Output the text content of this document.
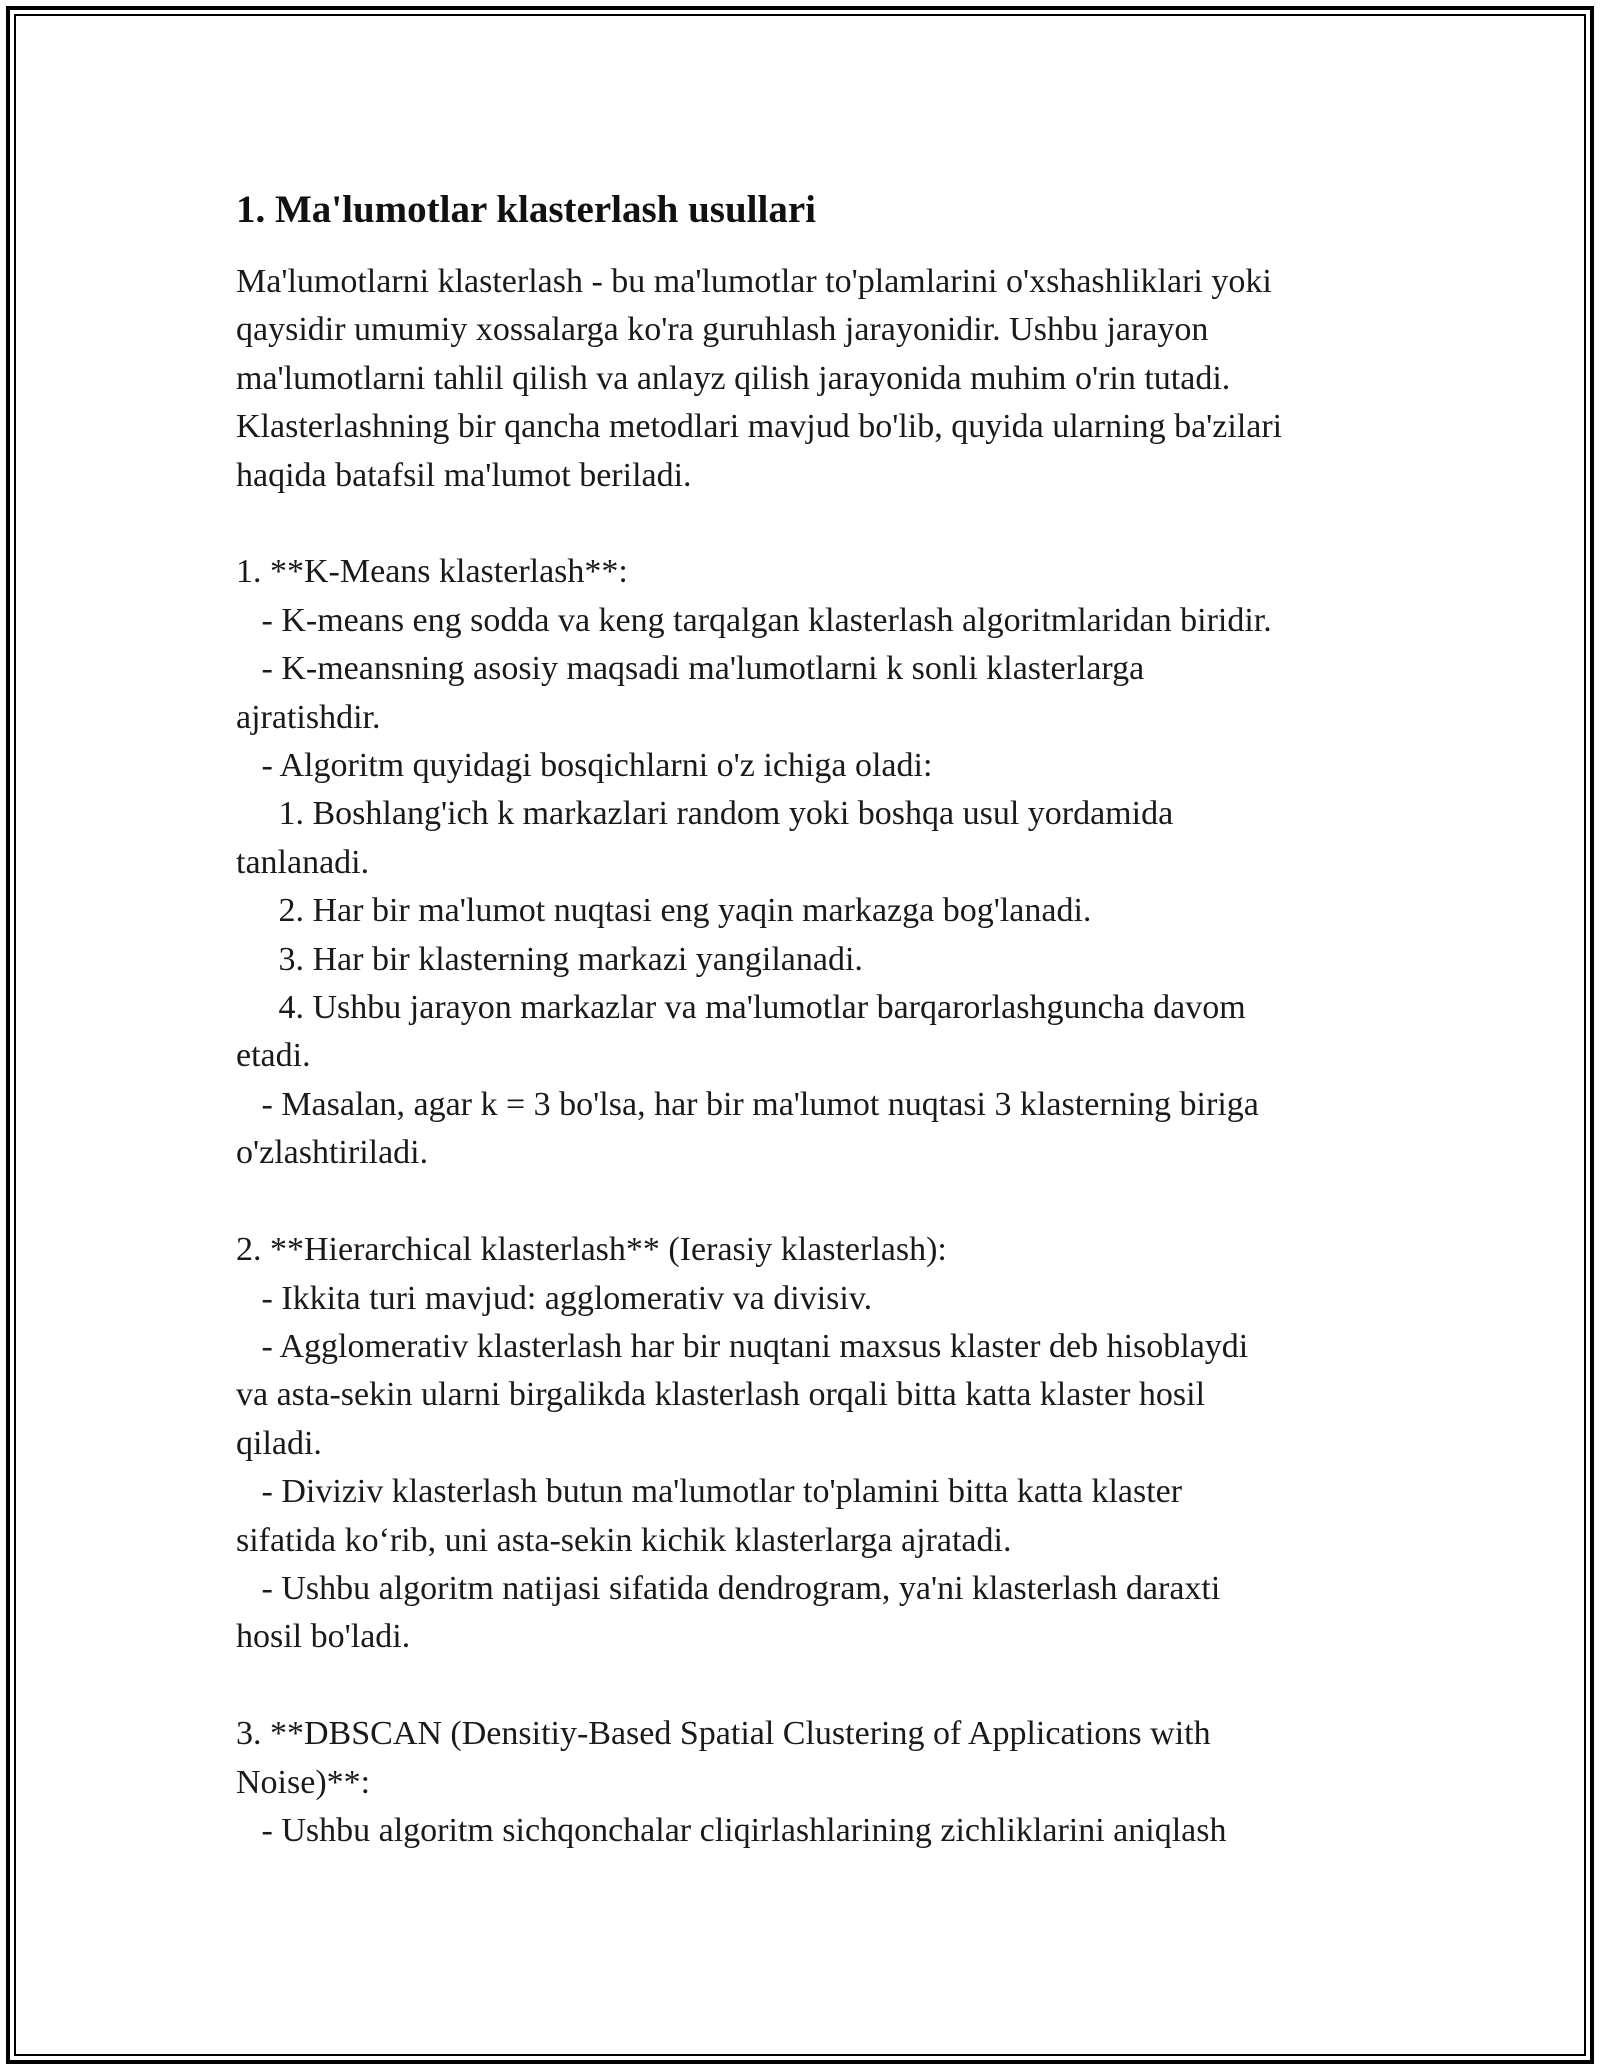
1. Ma'lumotlar klasterlash usullari

Ma'lumotlarni klasterlash - bu ma'lumotlar to'plamlarini o'xshashliklari yoki

qaysidir umumiy xossalarga ko'ra guruhlash jarayonidir. Ushbu jarayon

ma'lumotlarni tahlil qilish va anlayz qilish jarayonida muhim o'rin tutadi.

Klasterlashning bir qancha metodlari mavjud bo'lib, quyida ularning ba'zilari

haqida batafsil ma'lumot beriladi.

1. **K-Means klasterlash**:

- K-means eng sodda va keng tarqalgan klasterlash algoritmlaridan biridir.

- K-meansning asosiy maqsadi ma'lumotlarni k sonli klasterlarga

ajratishdir.

- Algoritm quyidagi bosqichlarni o'z ichiga oladi:

1. Boshlang'ich k markazlari random yoki boshqa usul yordamida

tanlanadi.

2. Har bir ma'lumot nuqtasi eng yaqin markazga bog'lanadi.

3. Har bir klasterning markazi yangilanadi.

4. Ushbu jarayon markazlar va ma'lumotlar barqarorlashguncha davom

etadi.

- Masalan, agar k = 3 bo'lsa, har bir ma'lumot nuqtasi 3 klasterning biriga

o'zlashtiriladi.

2. **Hierarchical klasterlash** (Ierasiy klasterlash):

- Ikkita turi mavjud: agglomerativ va divisiv.

- Agglomerativ klasterlash har bir nuqtani maxsus klaster deb hisoblaydi

va asta-sekin ularni birgalikda klasterlash orqali bitta katta klaster hosil

qiladi.

- Diviziv klasterlash butun ma'lumotlar to'plamini bitta katta klaster

sifatida ko‘rib, uni asta-sekin kichik klasterlarga ajratadi.

- Ushbu algoritm natijasi sifatida dendrogram, ya'ni klasterlash daraxti

hosil bo'ladi.

3. **DBSCAN (Densitiy-Based Spatial Clustering of Applications with

Noise)**:

- Ushbu algoritm sichqonchalar cliqirlashlarining zichliklarini aniqlash
